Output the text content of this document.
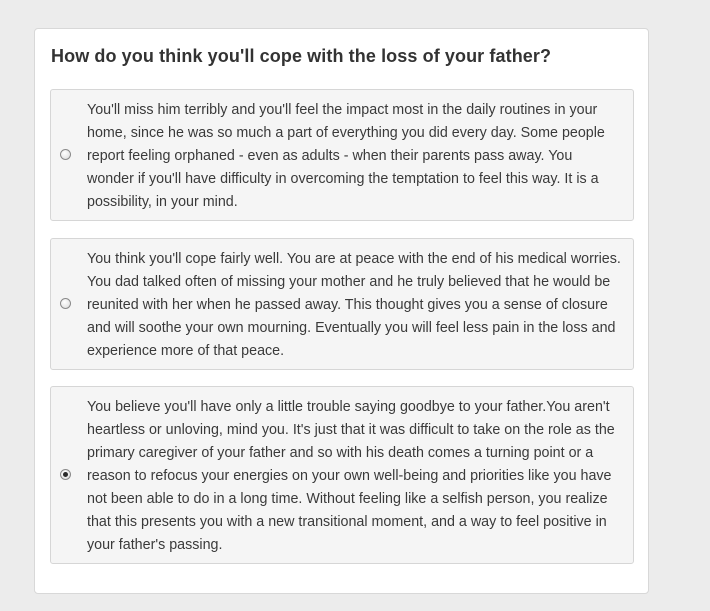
How do you think you'll cope with the loss of your father?

You'll miss him terribly and you'll feel the impact most in the daily routines in your home, since he was so much a part of everything you did every day. Some people report feeling orphaned - even as adults - when their parents pass away. You wonder if you'll have difficulty in overcoming the temptation to feel this way. It is a possibility, in your mind.

You think you'll cope fairly well. You are at peace with the end of his medical worries. You dad talked often of missing your mother and he truly believed that he would be reunited with her when he passed away. This thought gives you a sense of closure and will soothe your own mourning. Eventually you will feel less pain in the loss and experience more of that peace.

You believe you'll have only a little trouble saying goodbye to your father.You aren't heartless or unloving, mind you. It's just that it was difficult to take on the role as the primary caregiver of your father and so with his death comes a turning point or a reason to refocus your energies on your own well-being and priorities like you have not been able to do in a long time. Without feeling like a selfish person, you realize that this presents you with a new transitional moment, and a way to feel positive in your father's passing.
